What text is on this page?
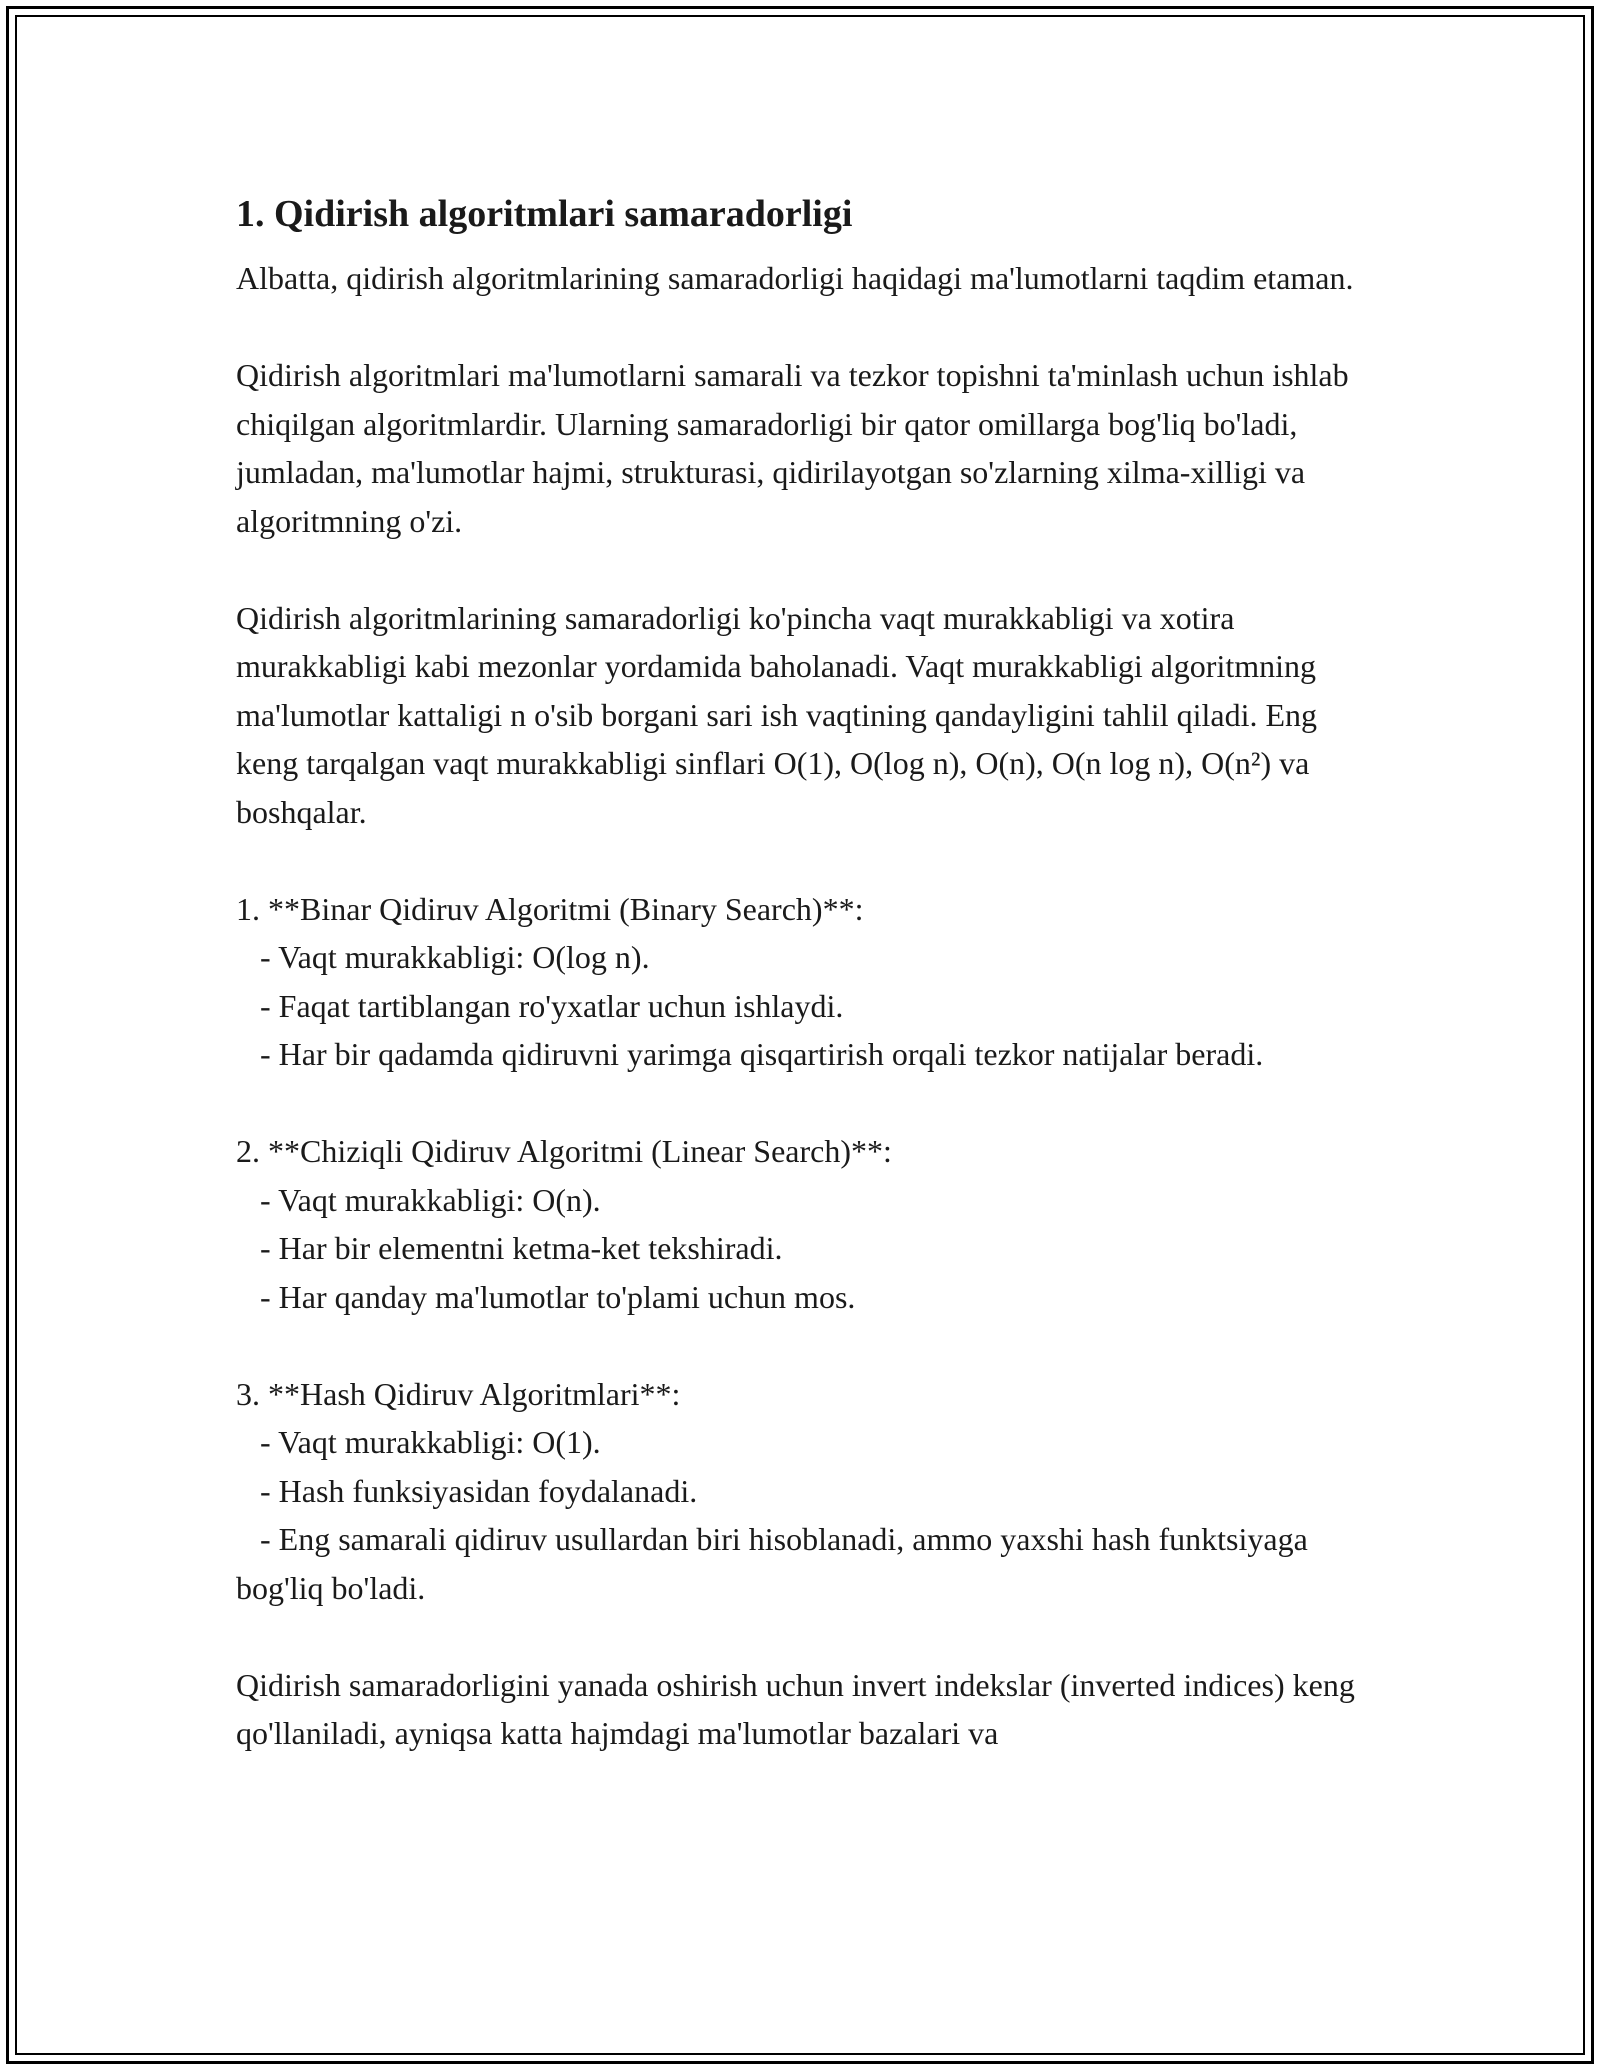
1. Qidirish algoritmlari samaradorligi
Albatta, qidirish algoritmlarining samaradorligi haqidagi ma'lumotlarni taqdim etaman.
Qidirish algoritmlari ma'lumotlarni samarali va tezkor topishni ta'minlash uchun ishlab chiqilgan algoritmlardir. Ularning samaradorligi bir qator omillarga bog'liq bo'ladi, jumladan, ma'lumotlar hajmi, strukturasi, qidirilayotgan so'zlarning xilma-xilligi va algoritmning o'zi.
Qidirish algoritmlarining samaradorligi ko'pincha vaqt murakkabligi va xotira murakkabligi kabi mezonlar yordamida baholanadi. Vaqt murakkabligi algoritmning ma'lumotlar kattaligi n o'sib borgani sari ish vaqtining qandayligini tahlil qiladi. Eng keng tarqalgan vaqt murakkabligi sinflari O(1), O(log n), O(n), O(n log n), O(n²) va boshqalar.
1. **Binar Qidiruv Algoritmi (Binary Search)**:
- Vaqt murakkabligi: O(log n).
- Faqat tartiblangan ro'yxatlar uchun ishlaydi.
- Har bir qadamda qidiruvni yarimga qisqartirish orqali tezkor natijalar beradi.
2. **Chiziqli Qidiruv Algoritmi (Linear Search)**:
- Vaqt murakkabligi: O(n).
- Har bir elementni ketma-ket tekshiradi.
- Har qanday ma'lumotlar to'plami uchun mos.
3. **Hash Qidiruv Algoritmlari**:
- Vaqt murakkabligi: O(1).
- Hash funksiyasidan foydalanadi.
- Eng samarali qidiruv usullardan biri hisoblanadi, ammo yaxshi hash funktsiyaga bog'liq bo'ladi.
Qidirish samaradorligini yanada oshirish uchun invert indekslar (inverted indices) keng qo'llaniladi, ayniqsa katta hajmdagi ma'lumotlar bazalari va
